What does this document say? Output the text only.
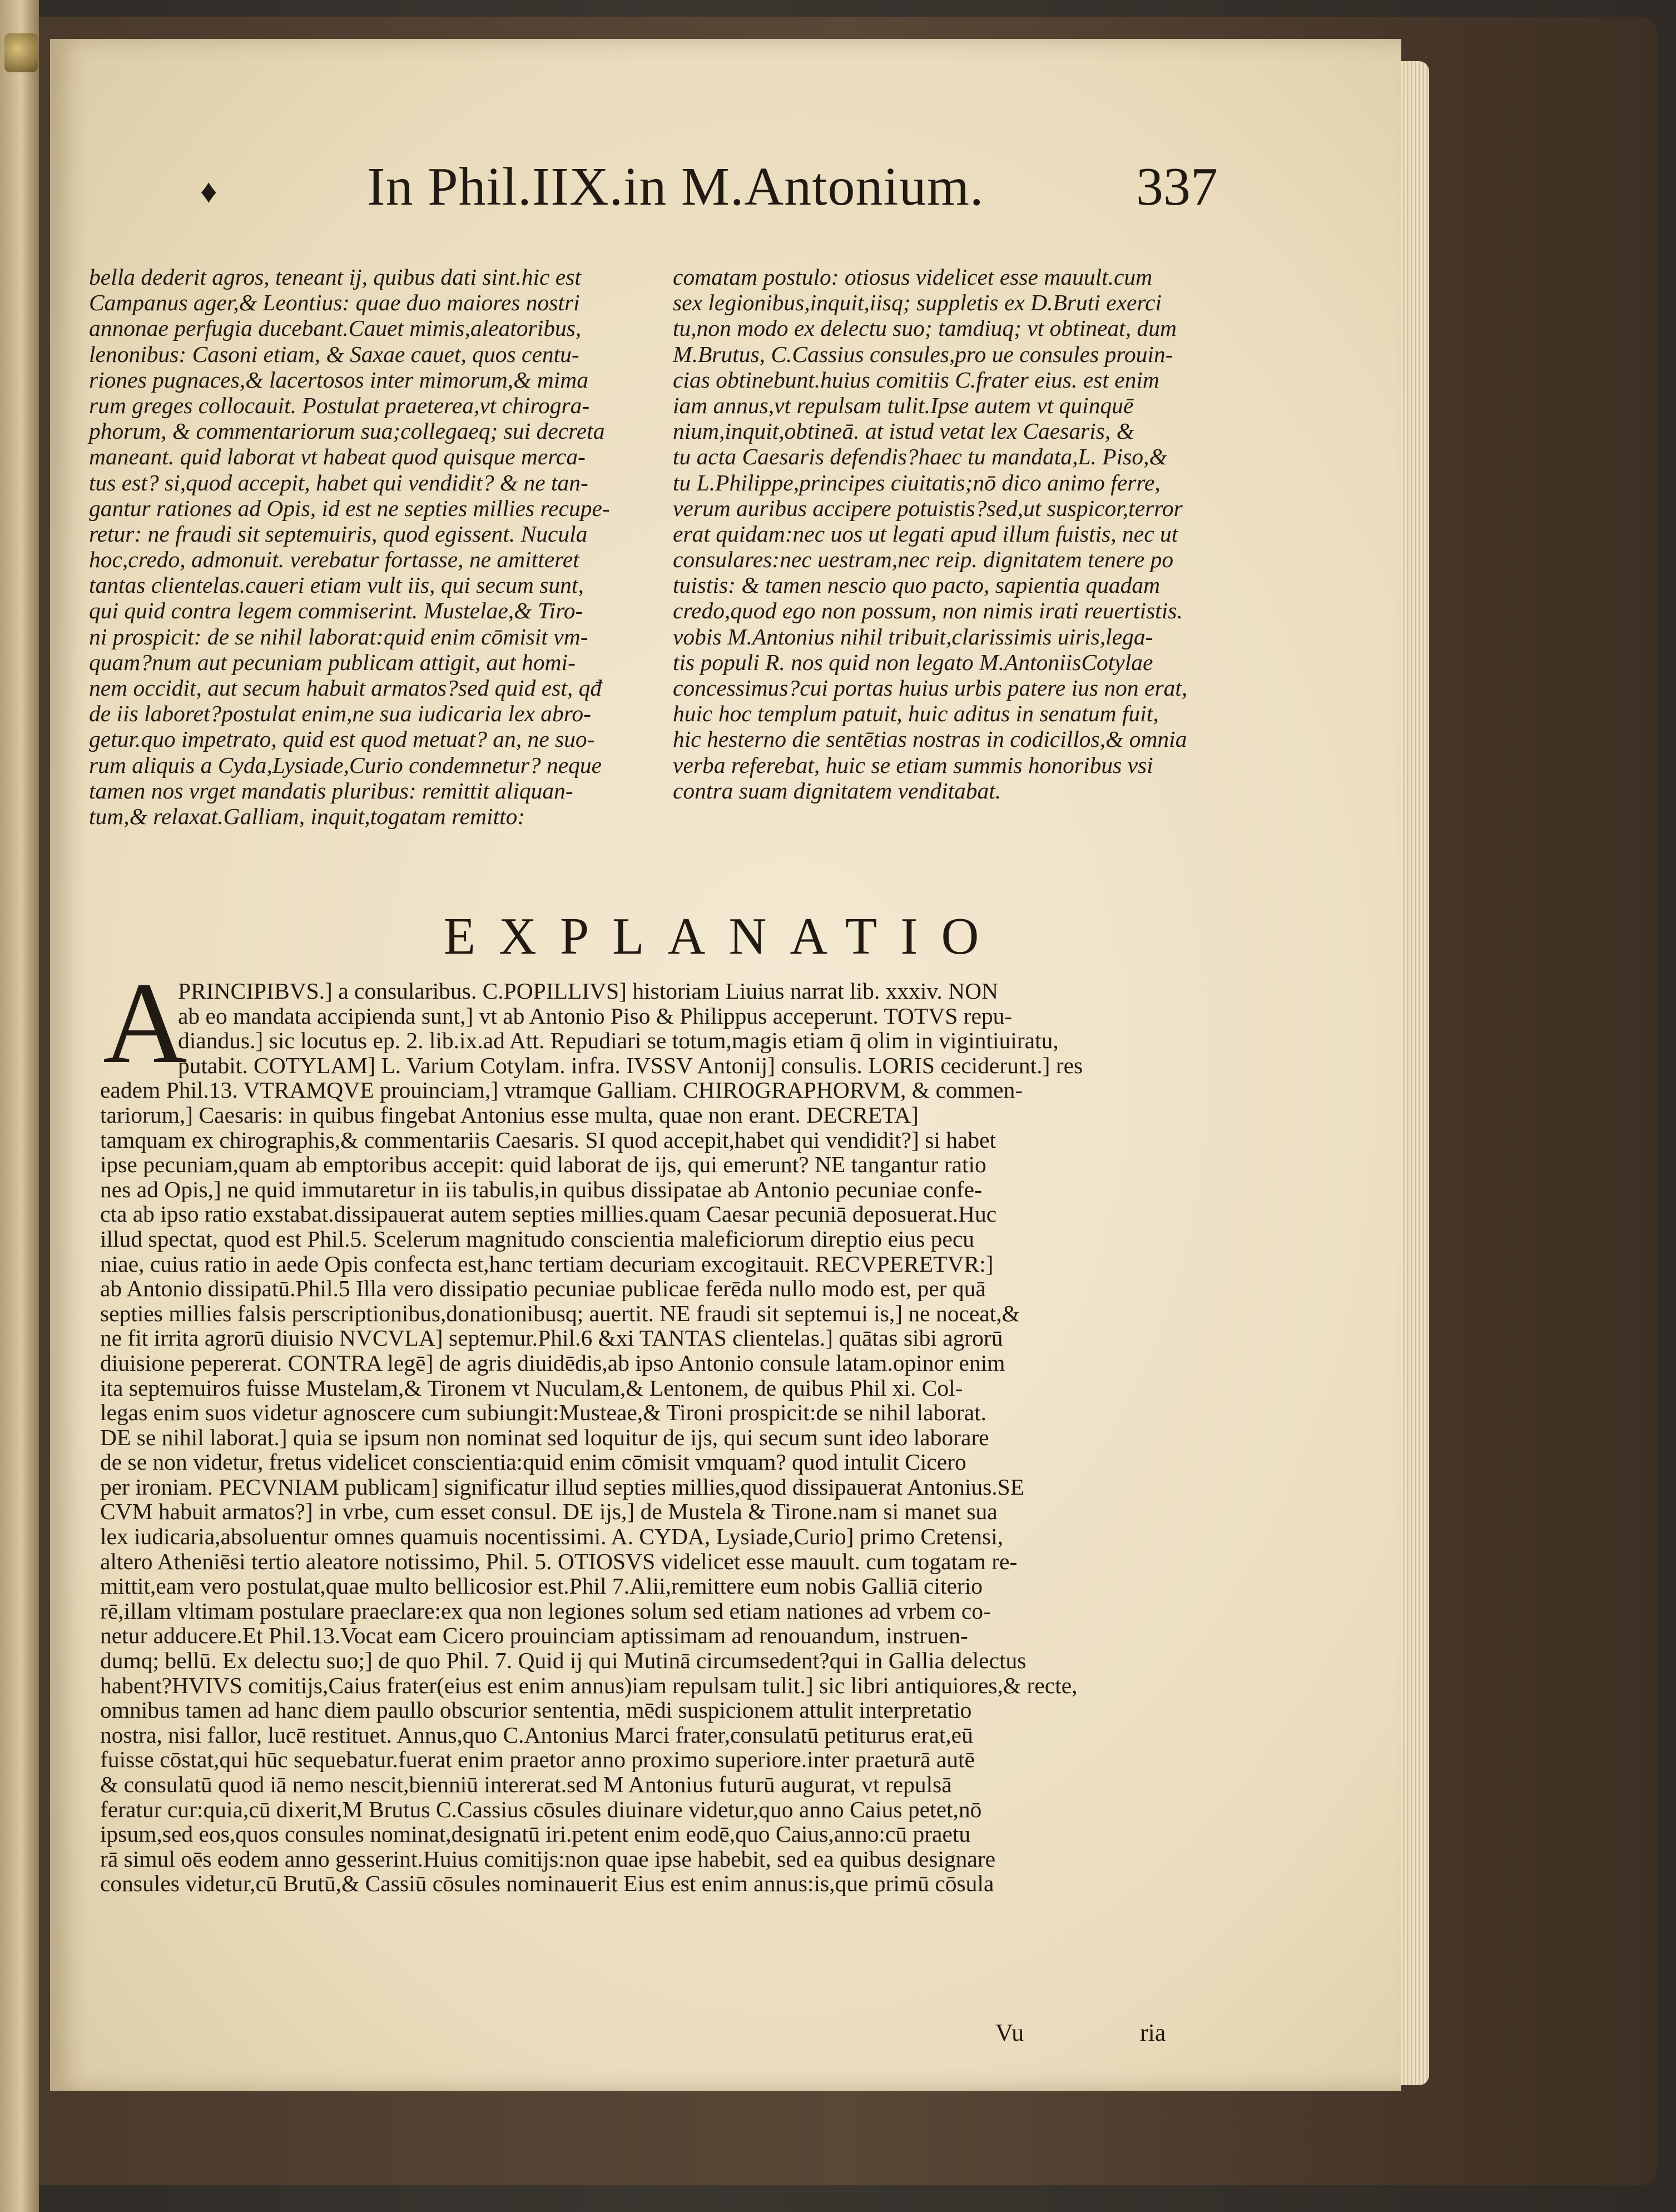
♦	In Phil.IIX.in M.Antonium.	337
bella dederit agros, teneant ij, quibus dati sint.hic est
Campanus ager,& Leontius: quae duo maiores nostri
annonae perfugia ducebant.Cauet mimis,aleatoribus,
lenonibus: Casoni etiam, & Saxae cauet, quos centu-
riones pugnaces,& lacertosos inter mimorum,& mima
rum greges collocauit. Postulat praeterea,vt chirogra-
phorum, & commentariorum sua;collegaeq; sui decreta
maneant. quid laborat vt habeat quod quisque merca-
tus est? si,quod accepit, habet qui vendidit? & ne tan-
gantur rationes ad Opis, id est ne septies millies recupe-
retur: ne fraudi sit septemuiris, quod egissent. Nucula
hoc,credo, admonuit. verebatur fortasse, ne amitteret
tantas clientelas.caueri etiam vult iis, qui secum sunt,
qui quid contra legem commiserint. Mustelae,& Tiro-
ni prospicit: de se nihil laborat:quid enim cōmisit vm-
quam?num aut pecuniam publicam attigit, aut homi-
nem occidit, aut secum habuit armatos?sed quid est, qđ
de iis laboret?postulat enim,ne sua iudicaria lex abro-
getur.quo impetrato, quid est quod metuat? an, ne suo-
rum aliquis a Cyda,Lysiade,Curio condemnetur? neque
tamen nos vrget mandatis pluribus: remittit aliquan-
tum,& relaxat.Galliam, inquit,togatam remitto:
comatam postulo: otiosus videlicet esse mauult.cum
sex legionibus,inquit,iisq; suppletis ex D.Bruti exerci
tu,non modo ex delectu suo; tamdiuq; vt obtineat, dum
M.Brutus, C.Cassius consules,pro ue consules prouin-
cias obtinebunt.huius comitiis C.frater eius. est enim
iam annus,vt repulsam tulit.Ipse autem vt quinquē
nium,inquit,obtineā. at istud vetat lex Caesaris, &
tu acta Caesaris defendis?haec tu mandata,L. Piso,&
tu L.Philippe,principes ciuitatis;nō dico animo ferre,
verum auribus accipere potuistis?sed,ut suspicor,terror
erat quidam:nec uos ut legati apud illum fuistis, nec ut
consulares:nec uestram,nec reip. dignitatem tenere po
tuistis: & tamen nescio quo pacto, sapientia quadam
credo,quod ego non possum, non nimis irati reuertistis.
vobis M.Antonius nihil tribuit,clarissimis uiris,lega-
tis populi R. nos quid non legato M.AntoniisCotylae
concessimus?cui portas huius urbis patere ius non erat,
huic hoc templum patuit, huic aditus in senatum fuit,
hic hesterno die sentētias nostras in codicillos,& omnia
verba referebat, huic se etiam summis honoribus vsi
contra suam dignitatem venditabat.
EXPLANATIO
A
PRINCIPIBVS.] a consularibus. C.POPILLIVS] historiam Liuius narrat lib. xxxiv. NON
ab eo mandata accipienda sunt,] vt ab Antonio Piso & Philippus acceperunt. TOTVS repu-
diandus.] sic locutus ep. 2. lib.ix.ad Att. Repudiari se totum,magis etiam q̄ olim in vigintiuiratu,
putabit. COTYLAM] L. Varium Cotylam. infra. IVSSV Antonij] consulis. LORIS ceciderunt.] res
eadem Phil.13. VTRAMQVE prouinciam,] vtramque Galliam. CHIROGRAPHORVM, & commen-
tariorum,] Caesaris: in quibus fingebat Antonius esse multa, quae non erant. DECRETA]
tamquam ex chirographis,& commentariis Caesaris. SI quod accepit,habet qui vendidit?] si habet
ipse pecuniam,quam ab emptoribus accepit: quid laborat de ijs, qui emerunt? NE tangantur ratio
nes ad Opis,] ne quid immutaretur in iis tabulis,in quibus dissipatae ab Antonio pecuniae confe-
cta ab ipso ratio exstabat.dissipauerat autem septies millies.quam Caesar pecuniā deposuerat.Huc
illud spectat, quod est Phil.5. Scelerum magnitudo conscientia maleficiorum direptio eius pecu
niae, cuius ratio in aede Opis confecta est,hanc tertiam decuriam excogitauit. RECVPERETVR:]
ab Antonio dissipatū.Phil.5 Illa vero dissipatio pecuniae publicae ferēda nullo modo est, per quā
septies millies falsis perscriptionibus,donationibusq; auertit. NE fraudi sit septemui is,] ne noceat,&
ne fit irrita agrorū diuisio NVCVLA] septemur.Phil.6 &xi TANTAS clientelas.] quātas sibi agrorū
diuisione pepererat. CONTRA legē] de agris diuidēdis,ab ipso Antonio consule latam.opinor enim
ita septemuiros fuisse Mustelam,& Tironem vt Nuculam,& Lentonem, de quibus Phil xi. Col-
legas enim suos videtur agnoscere cum subiungit:Musteae,& Tironi prospicit:de se nihil laborat.
DE se nihil laborat.] quia se ipsum non nominat sed loquitur de ijs, qui secum sunt ideo laborare
de se non videtur, fretus videlicet conscientia:quid enim cōmisit vmquam? quod intulit Cicero
per ironiam. PECVNIAM publicam] significatur illud septies millies,quod dissipauerat Antonius.SE
CVM habuit armatos?] in vrbe, cum esset consul. DE ijs,] de Mustela & Tirone.nam si manet sua
lex iudicaria,absoluentur omnes quamuis nocentissimi. A. CYDA, Lysiade,Curio] primo Cretensi,
altero Atheniēsi tertio aleatore notissimo, Phil. 5. OTIOSVS videlicet esse mauult. cum togatam re-
mittit,eam vero postulat,quae multo bellicosior est.Phil 7.Alii,remittere eum nobis Galliā citerio
rē,illam vltimam postulare praeclare:ex qua non legiones solum sed etiam nationes ad vrbem co-
netur adducere.Et Phil.13.Vocat eam Cicero prouinciam aptissimam ad renouandum, instruen-
dumq; bellū. Ex delectu suo;] de quo Phil. 7. Quid ij qui Mutinā circumsedent?qui in Gallia delectus
habent?HVIVS comitijs,Caius frater(eius est enim annus)iam repulsam tulit.] sic libri antiquiores,& recte,
omnibus tamen ad hanc diem paullo obscurior sententia, mēdi suspicionem attulit interpretatio
nostra, nisi fallor, lucē restituet. Annus,quo C.Antonius Marci frater,consulatū petiturus erat,eū
fuisse cōstat,qui hūc sequebatur.fuerat enim praetor anno proximo superiore.inter praeturā autē
& consulatū quod iā nemo nescit,bienniū intererat.sed M Antonius futurū augurat, vt repulsā
feratur cur:quia,cū dixerit,M Brutus C.Cassius cōsules diuinare videtur,quo anno Caius petet,nō
ipsum,sed eos,quos consules nominat,designatū iri.petent enim eodē,quo Caius,anno:cū praetu
rā simul oēs eodem anno gesserint.Huius comitijs:non quae ipse habebit, sed ea quibus designare
consules videtur,cū Brutū,& Cassiū cōsules nominauerit Eius est enim annus:is,que primū cōsula
Vu	ria
